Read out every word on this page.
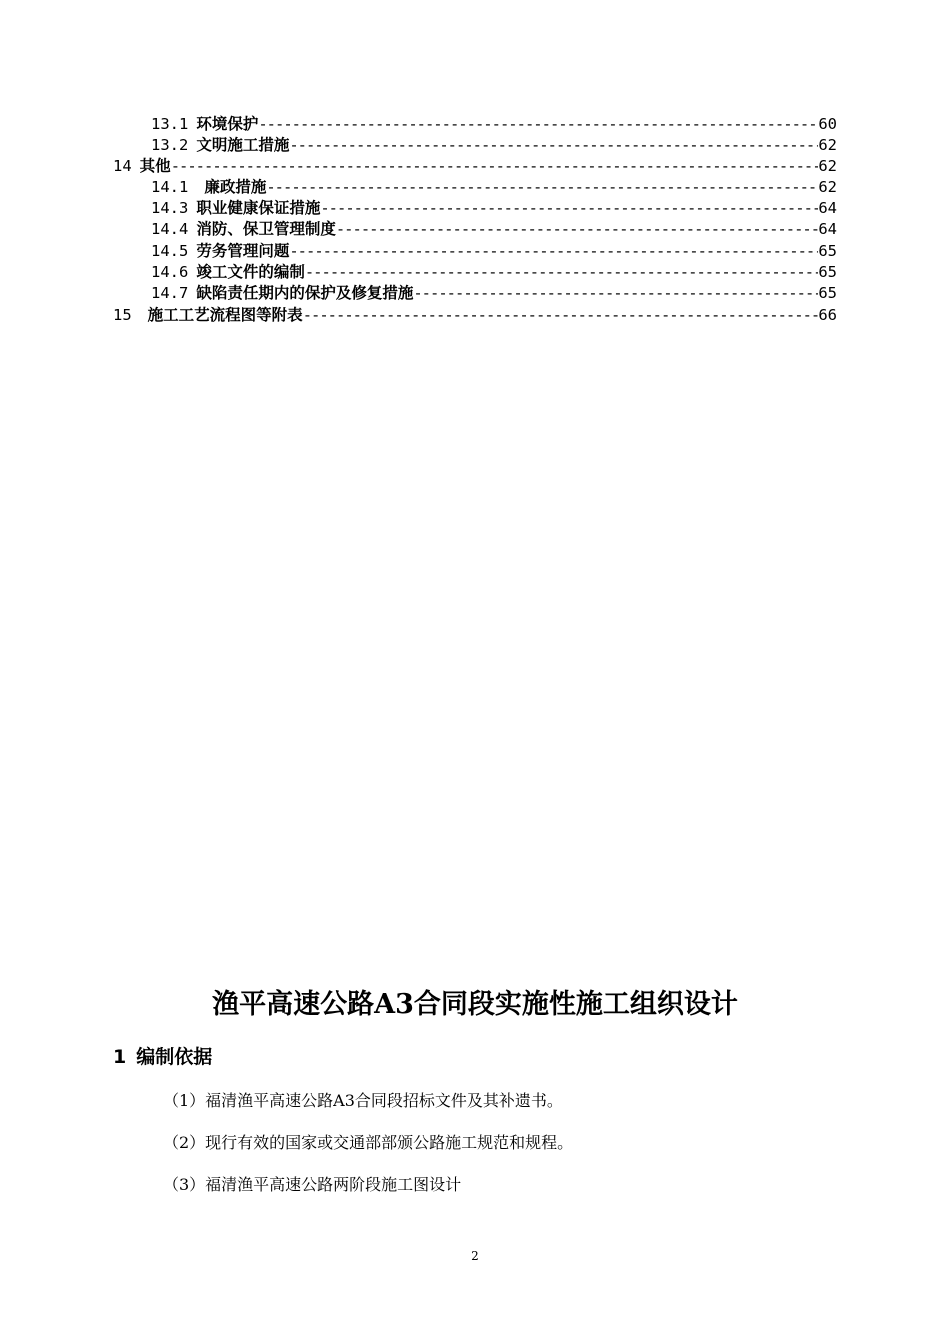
13.1 环境保护 -----	60
13.2 文明施工措施 -----	62
14 其他 -----	62
14.1 廉政措施 -----	62
14.3 职业健康保证措施 -----	64
14.4 消防、保卫管理制度 -----	64
14.5 劳务管理问题 -----	65
14.6 竣工文件的编制 -----	65
14.7 缺陷责任期内的保护及修复措施 -----	65
15 施工工艺流程图等附表 -----	66
渔平高速公路A3合同段实施性施工组织设计
1 编制依据
（1）福清渔平高速公路A3合同段招标文件及其补遗书。
（2）现行有效的国家或交通部部颁公路施工规范和规程。
（3）福清渔平高速公路两阶段施工图设计
2
